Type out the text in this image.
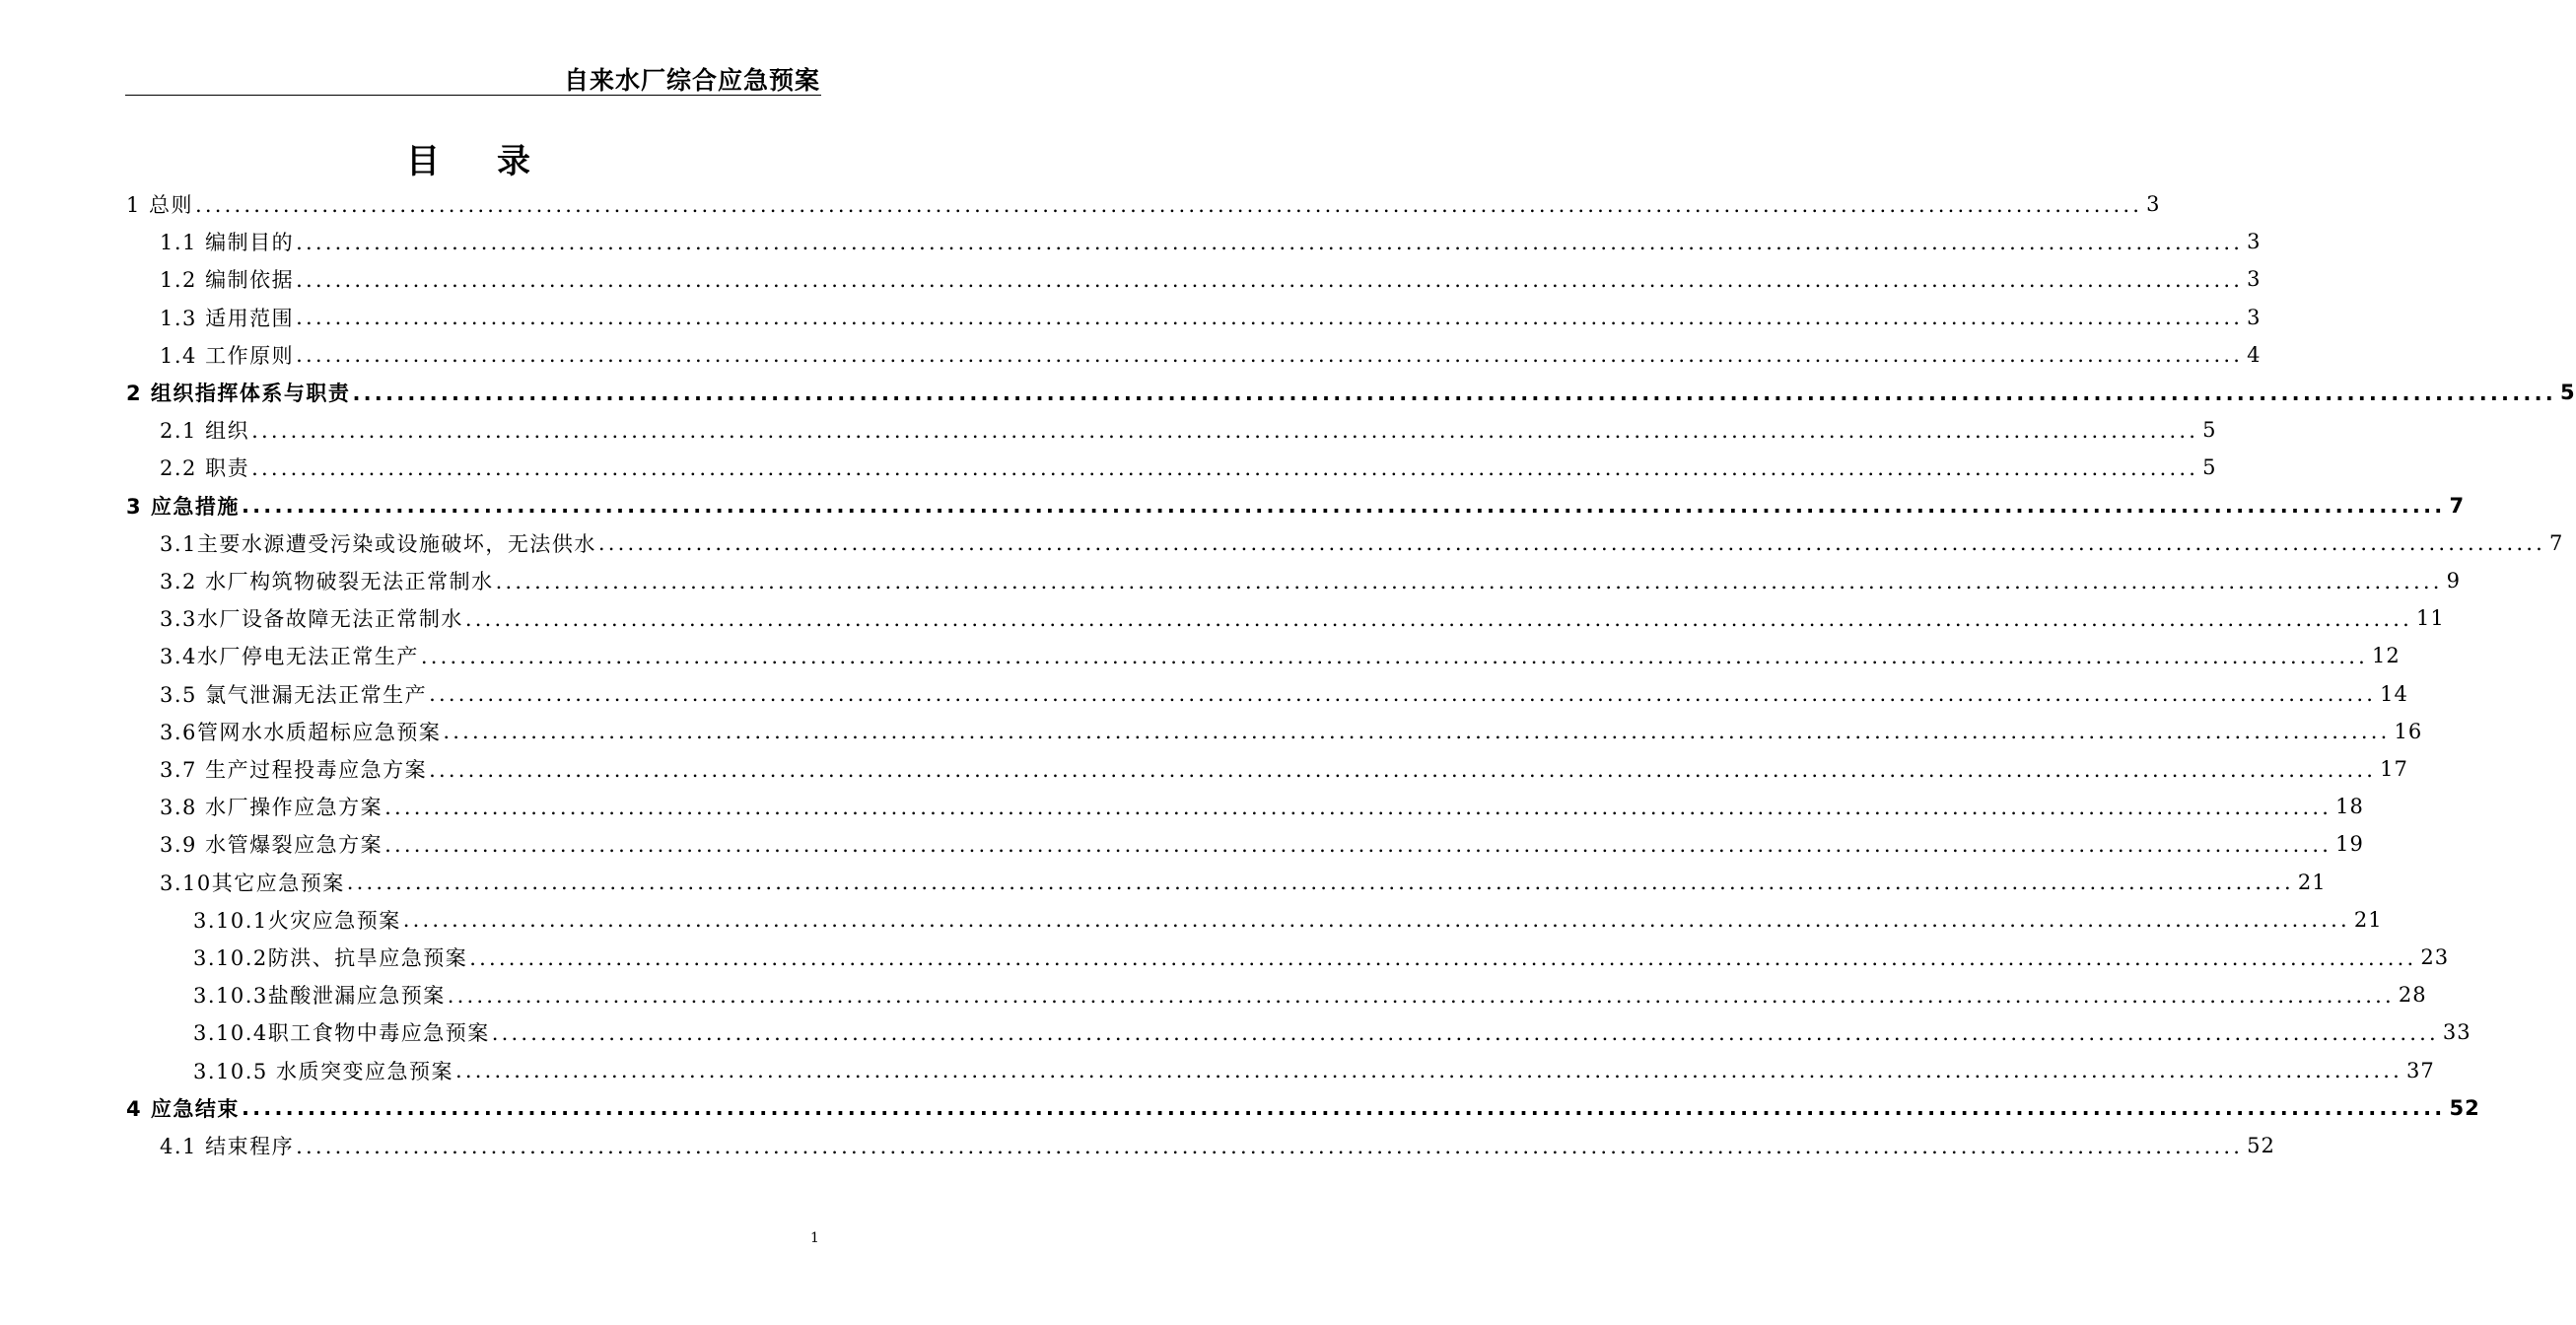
自来水厂综合应急预案
目 录
1 总则 ........................................................................................................................................................................................................ 3
1.1 编制目的 ........................................................................................................................................................................................................ 3
1.2 编制依据 ........................................................................................................................................................................................................ 3
1.3 适用范围 ........................................................................................................................................................................................................ 3
1.4 工作原则 ........................................................................................................................................................................................................ 4
2 组织指挥体系与职责 ........................................................................................................................................................................................................ 5
2.1 组织 ........................................................................................................................................................................................................ 5
2.2 职责 ........................................................................................................................................................................................................ 5
3 应急措施 ........................................................................................................................................................................................................ 7
3.1主要水源遭受污染或设施破坏，无法供水 ........................................................................................................................................................................................................ 7
3.2 水厂构筑物破裂无法正常制水 ........................................................................................................................................................................................................ 9
3.3水厂设备故障无法正常制水 ........................................................................................................................................................................................................ 11
3.4水厂停电无法正常生产 ........................................................................................................................................................................................................ 12
3.5 氯气泄漏无法正常生产 ........................................................................................................................................................................................................ 14
3.6管网水水质超标应急预案 ........................................................................................................................................................................................................ 16
3.7 生产过程投毒应急方案 ........................................................................................................................................................................................................ 17
3.8 水厂操作应急方案 ........................................................................................................................................................................................................ 18
3.9 水管爆裂应急方案 ........................................................................................................................................................................................................ 19
3.10其它应急预案 ........................................................................................................................................................................................................ 21
3.10.1火灾应急预案 ........................................................................................................................................................................................................ 21
3.10.2防洪、抗旱应急预案 ........................................................................................................................................................................................................ 23
3.10.3盐酸泄漏应急预案 ........................................................................................................................................................................................................ 28
3.10.4职工食物中毒应急预案 ........................................................................................................................................................................................................ 33
3.10.5 水质突变应急预案 ........................................................................................................................................................................................................ 37
4 应急结束 ........................................................................................................................................................................................................ 52
4.1 结束程序 ........................................................................................................................................................................................................ 52
1
